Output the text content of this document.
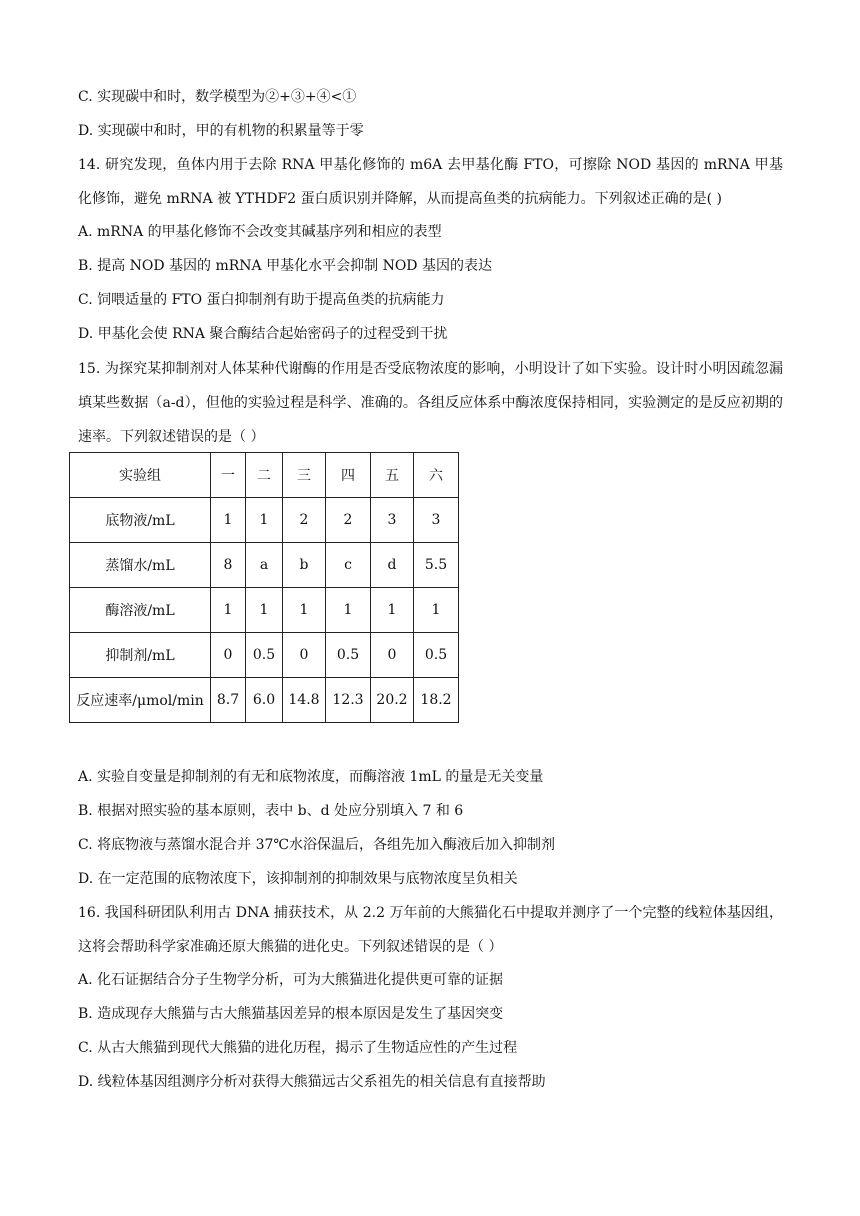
C. 实现碳中和时，数学模型为②+③+④<①
D. 实现碳中和时，甲的有机物的积累量等于零
14. 研究发现，鱼体内用于去除 RNA 甲基化修饰的 m6A 去甲基化酶 FTO，可擦除 NOD 基因的 mRNA 甲基化修饰，避免 mRNA 被 YTHDF2 蛋白质识别并降解，从而提高鱼类的抗病能力。下列叙述正确的是( )
A. mRNA 的甲基化修饰不会改变其碱基序列和相应的表型
B. 提高 NOD 基因的 mRNA 甲基化水平会抑制 NOD 基因的表达
C. 饲喂适量的 FTO 蛋白抑制剂有助于提高鱼类的抗病能力
D. 甲基化会使 RNA 聚合酶结合起始密码子的过程受到干扰
15. 为探究某抑制剂对人体某种代谢酶的作用是否受底物浓度的影响，小明设计了如下实验。设计时小明因疏忽漏填某些数据（a-d），但他的实验过程是科学、准确的。各组反应体系中酶浓度保持相同，实验测定的是反应初期的速率。下列叙述错误的是（ ）
实验组	一	二	三	四	五	六
底物液/mL	1	1	2	2	3	3
蒸馏水/mL	8	a	b	c	d	5.5
酶溶液/mL	1	1	1	1	1	1
抑制剂/mL	0	0.5	0	0.5	0	0.5
反应速率/μmol/min	8.7	6.0	14.8	12.3	20.2	18.2
A. 实验自变量是抑制剂的有无和底物浓度，而酶溶液 1mL 的量是无关变量
B. 根据对照实验的基本原则，表中 b、d 处应分别填入 7 和 6
C. 将底物液与蒸馏水混合并 37℃水浴保温后，各组先加入酶液后加入抑制剂
D. 在一定范围的底物浓度下，该抑制剂的抑制效果与底物浓度呈负相关
16. 我国科研团队利用古 DNA 捕获技术，从 2.2 万年前的大熊猫化石中提取并测序了一个完整的线粒体基因组，这将会帮助科学家准确还原大熊猫的进化史。下列叙述错误的是（ ）
A. 化石证据结合分子生物学分析，可为大熊猫进化提供更可靠的证据
B. 造成现存大熊猫与古大熊猫基因差异的根本原因是发生了基因突变
C. 从古大熊猫到现代大熊猫的进化历程，揭示了生物适应性的产生过程
D. 线粒体基因组测序分析对获得大熊猫远古父系祖先的相关信息有直接帮助
